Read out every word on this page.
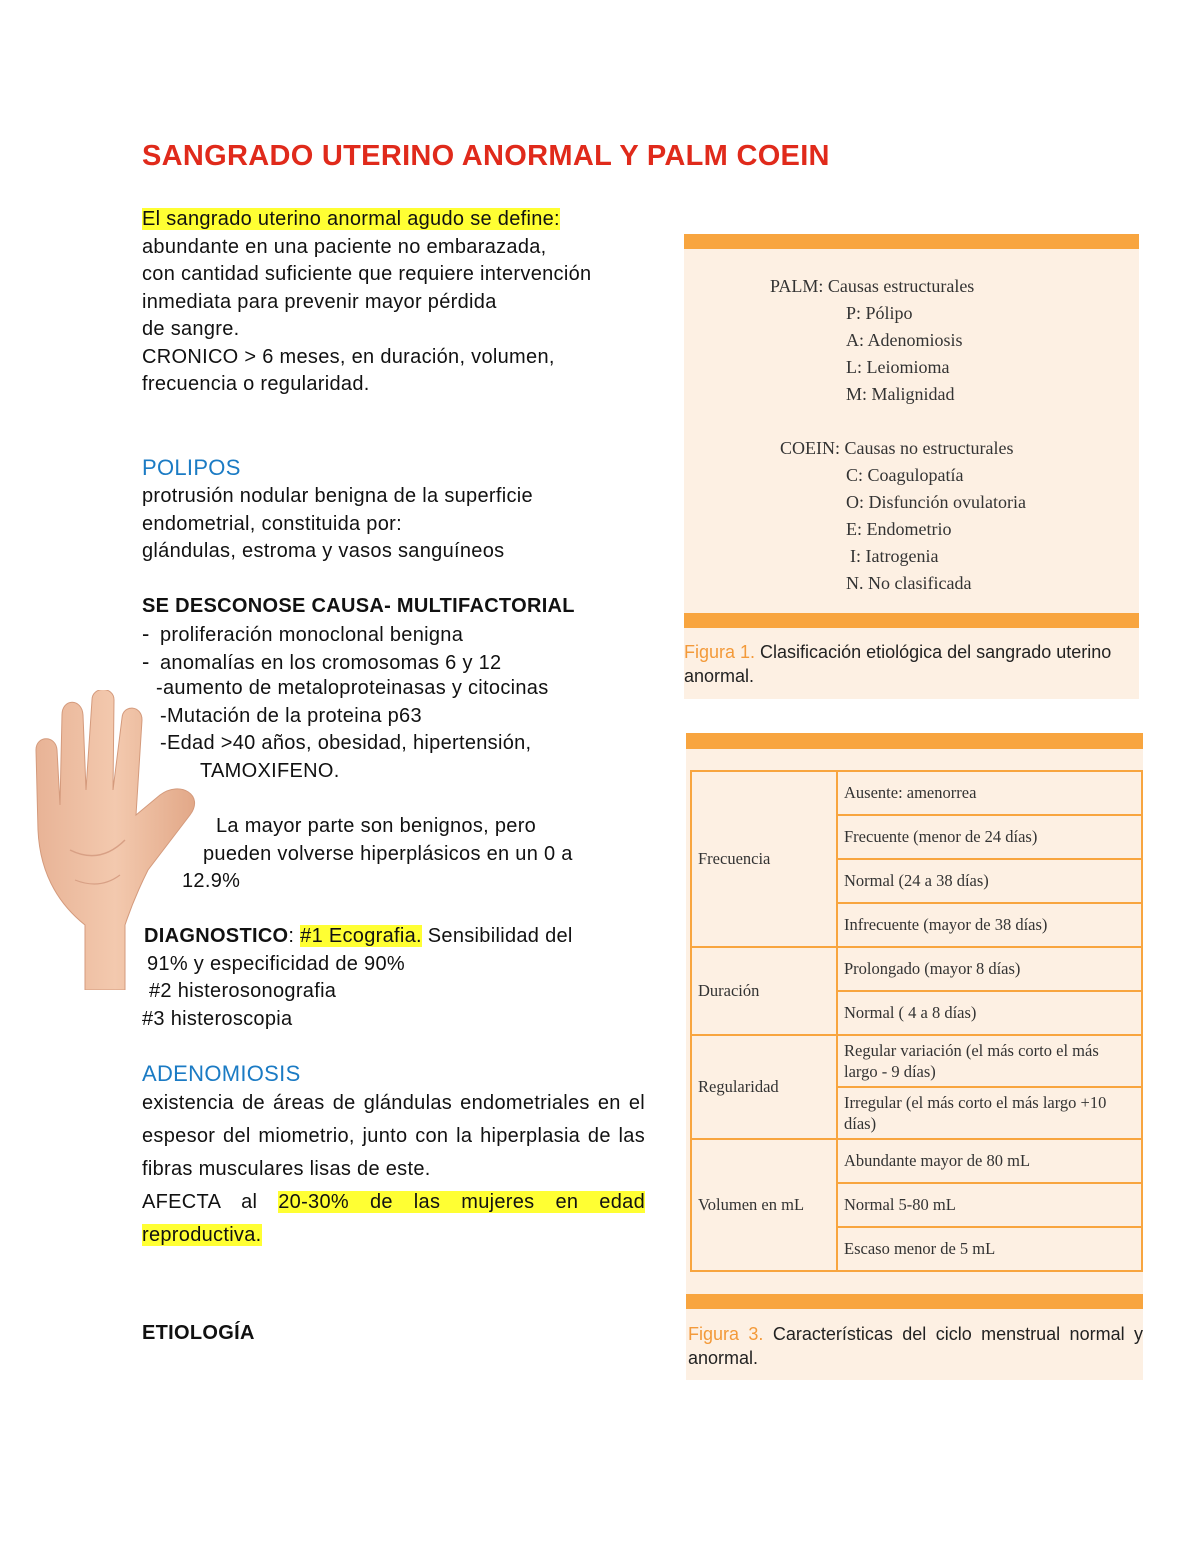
SANGRADO UTERINO ANORMAL Y PALM COEIN
El sangrado uterino anormal agudo se define:
abundante en una paciente no embarazada,
con cantidad suficiente que requiere intervención
inmediata para prevenir mayor pérdida
de sangre.
CRONICO > 6 meses, en duración, volumen,
frecuencia o regularidad.
POLIPOS
protrusión nodular benigna de la superficie
endometrial, constituida por:
glándulas, estroma y vasos sanguíneos
SE DESCONOSE CAUSA- MULTIFACTORIAL
- proliferación monoclonal benigna
- anomalías en los cromosomas 6 y 12
-aumento de metaloproteinasas y citocinas
-Mutación de la proteina p63
-Edad >40 años, obesidad, hipertensión,
TAMOXIFENO.
La mayor parte son benignos, pero
pueden volverse hiperplásicos en un 0 a
12.9%
DIAGNOSTICO: #1 Ecografia. Sensibilidad del
91% y especificidad de 90%
#2 histerosonografia
#3 histeroscopia
ADENOMIOSIS
existencia de áreas de glándulas endometriales en el espesor del miometrio, junto con la hiperplasia de las fibras musculares lisas de este.
AFECTA al 20-30% de las mujeres en edad reproductiva.
ETIOLOGÍA
PALM: Causas estructurales
P: Pólipo
A: Adenomiosis
L: Leiomioma
M: Malignidad
COEIN: Causas no estructurales
C: Coagulopatía
O: Disfunción ovulatoria
E: Endometrio
I: Iatrogenia
N. No clasificada
Figura 1. Clasificación etiológica del sangrado uterino anormal.
Frecuencia	Ausente: amenorrea
	Frecuente (menor de 24 días)
	Normal (24 a 38 días)
	Infrecuente (mayor de 38 días)
Duración	Prolongado (mayor 8 días)
	Normal ( 4 a 8 días)
Regularidad	Regular variación (el más corto el más largo - 9 días)
	Irregular (el más corto el más largo +10 días)
Volumen en mL	Abundante mayor de 80 mL
	Normal 5-80 mL
	Escaso menor de 5 mL
Figura 3. Características del ciclo menstrual normal y anormal.
